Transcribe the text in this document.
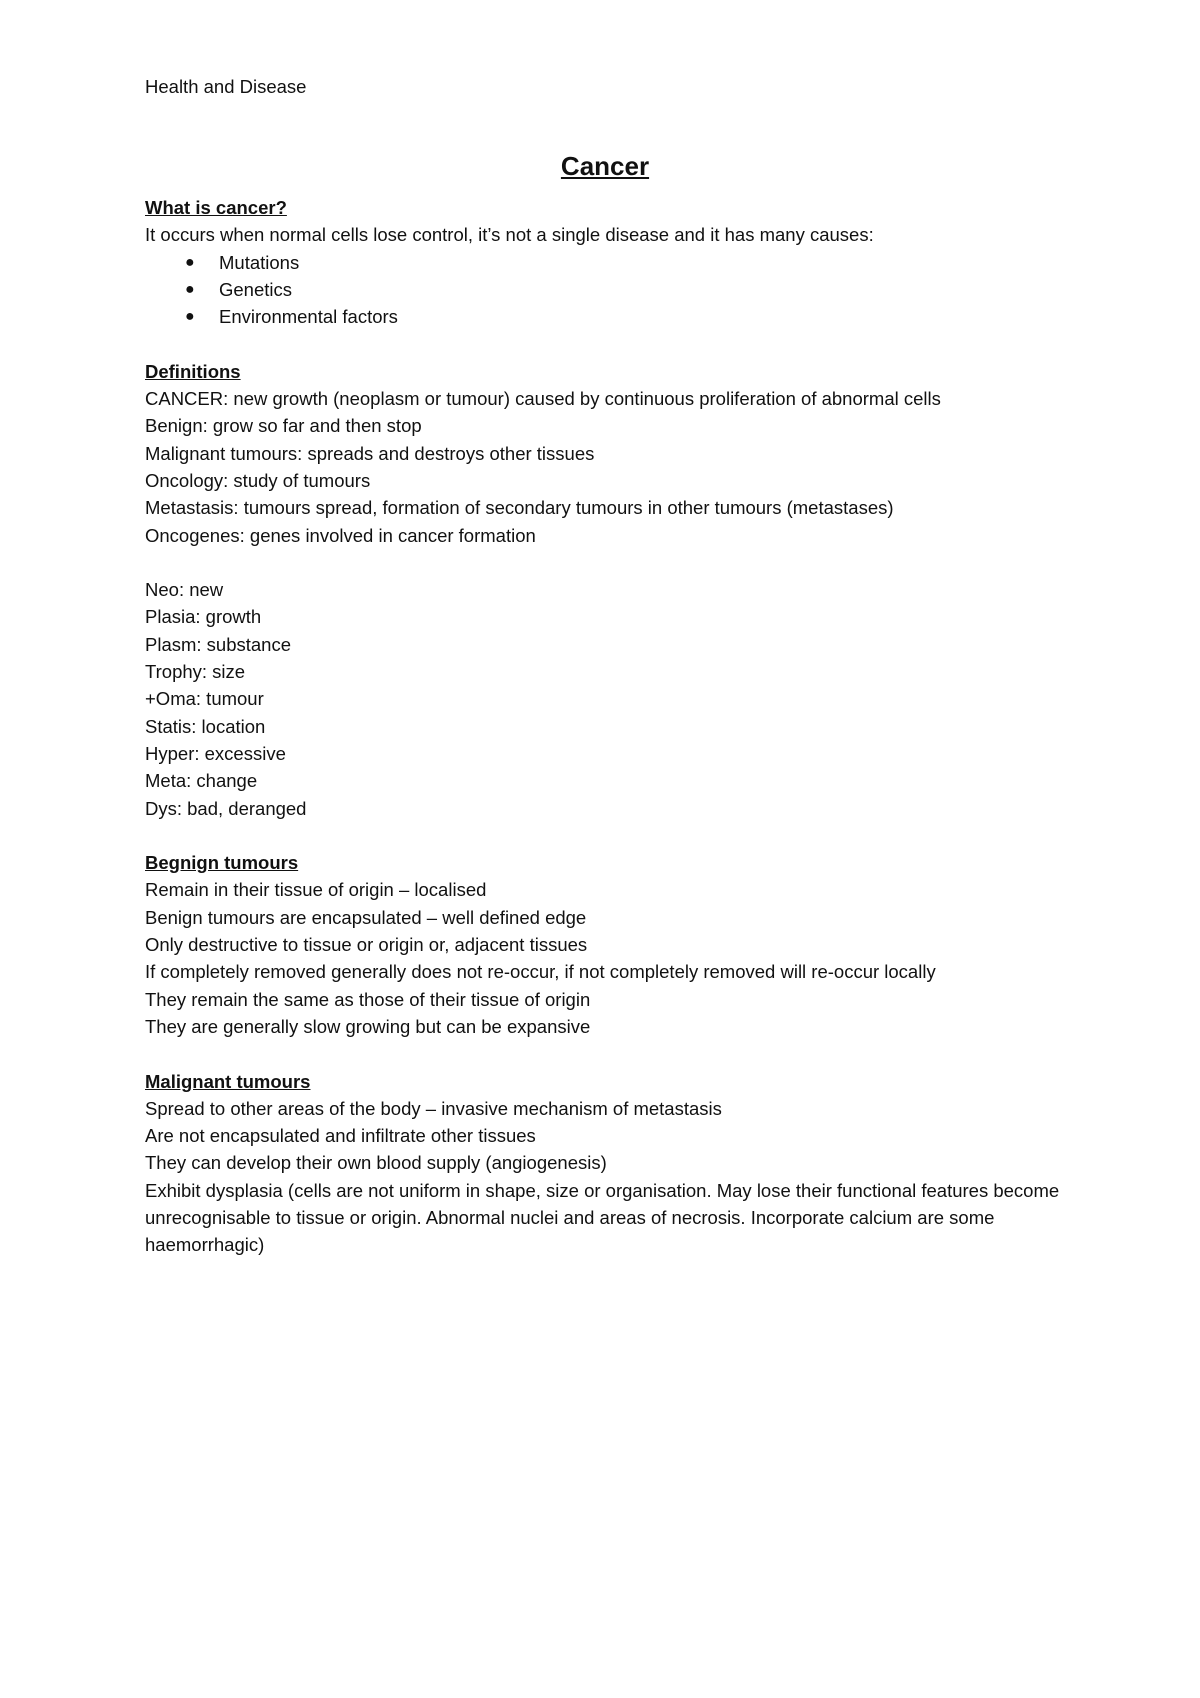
Health and Disease

Cancer

What is cancer?

It occurs when normal cells lose control, it’s not a single disease and it has many causes:

● Mutations
● Genetics
● Environmental factors

Definitions

CANCER: new growth (neoplasm or tumour) caused by continuous proliferation of abnormal cells

Benign: grow so far and then stop

Malignant tumours: spreads and destroys other tissues

Oncology: study of tumours

Metastasis: tumours spread, formation of secondary tumours in other tumours (metastases)

Oncogenes: genes involved in cancer formation

Neo: new

Plasia: growth

Plasm: substance

Trophy: size

+Oma: tumour

Statis: location

Hyper: excessive

Meta: change

Dys: bad, deranged

Begnign tumours

Remain in their tissue of origin – localised

Benign tumours are encapsulated – well defined edge

Only destructive to tissue or origin or, adjacent tissues

If completely removed generally does not re-occur, if not completely removed will re-occur locally

They remain the same as those of their tissue of origin

They are generally slow growing but can be expansive

Malignant tumours

Spread to other areas of the body – invasive mechanism of metastasis

Are not encapsulated and infiltrate other tissues

They can develop their own blood supply (angiogenesis)

Exhibit dysplasia (cells are not uniform in shape, size or organisation. May lose their functional features become unrecognisable to tissue or origin. Abnormal nuclei and areas of necrosis. Incorporate calcium are some haemorrhagic)
